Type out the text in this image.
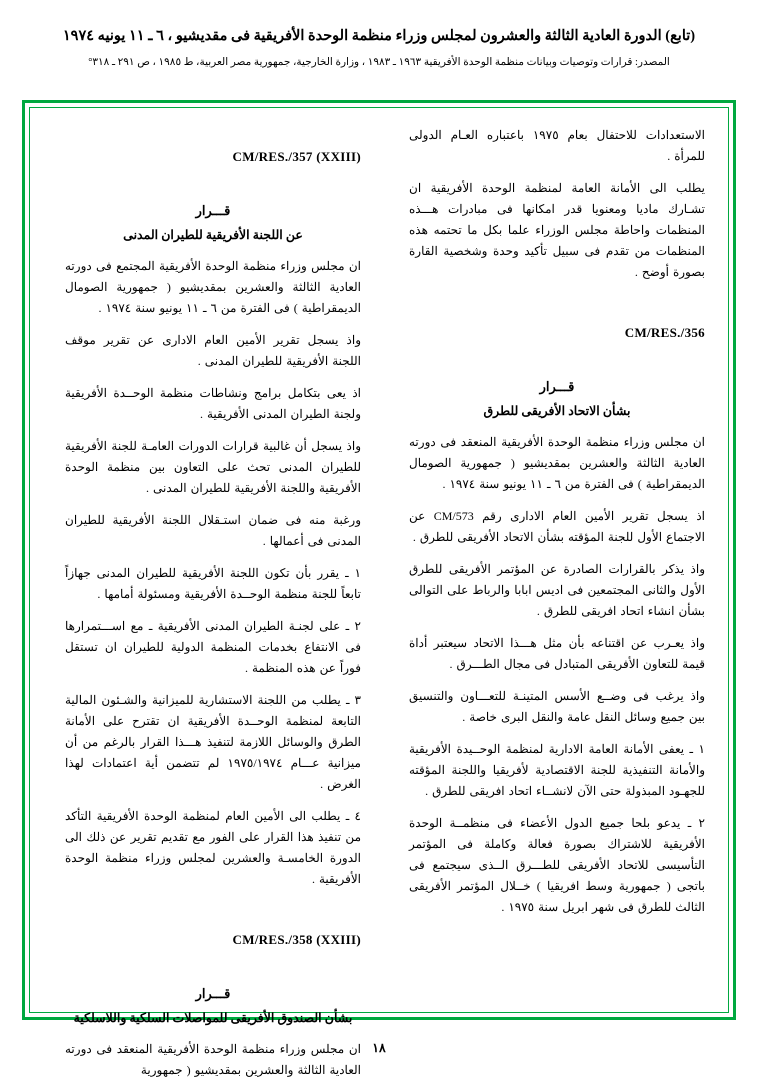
(تابع) الدورة العادية الثالثة والعشرون لمجلس وزراء منظمة الوحدة الأفريقية فى مقديشيو ، ٦ ـ ١١ يونيه ١٩٧٤
المصدر: قرارات وتوصيات وبيانات منظمة الوحدة الأفريقية ١٩٦٣ ـ ١٩٨٣ ، وزارة الخارجية، جمهورية مصر العربية، ط ١٩٨٥ ، ص ٢٩١ ـ ٣١٨°

الاستعدادات للاحتفال بعام ١٩٧٥ باعتباره العـام الدولى للمرأة .

يطلب الى الأمانة العامة لمنظمة الوحدة الأفريقية ان تشـارك ماديا ومعنويا قدر امكانها فى مبادرات هـــذه المنظمات واحاطة مجلس الوزراء علما بكل ما تحتمه هذه المنظمات من تقدم فى سبيل تأكيد وحدة وشخصية القارة بصورة أوضح .

CM/RES./356
قـــرار
بشأن الاتحاد الأفريقى للطرق

ان مجلس وزراء منظمة الوحدة الأفريقية المنعقد فى دورته العادية الثالثة والعشرين بمقديشيو ( جمهورية الصومال الديمقراطية ) فى الفترة من ٦ ـ ١١ يونيو سنة ١٩٧٤ .

اذ يسجل تقرير الأمين العام الادارى رقم CM/573 عن الاجتماع الأول للجنة المؤقته بشأن الاتحاد الأفريقى للطرق .

واذ يذكر بالقرارات الصادرة عن المؤتمر الأفريقى للطرق الأول والثانى المجتمعين فى اديس ابابا والرباط على التوالى بشأن انشاء اتحاد افريقى للطرق .

واذ يعـرب عن اقتناعه بأن مثل هـــذا الاتحاد سيعتبر أداة قيمة للتعاون الأفريقى المتبادل فى مجال الطـــرق .

واذ يرغب فى وضــع الأسس المتينـة للتعـــاون والتنسيق بين جميع وسائل النقل عامة والنقل البرى خاصة .

١ ـ يعفى الأمانة العامة الادارية لمنظمة الوحــيدة الأفريقية والأمانة التنفيذية للجنة الاقتصادية لأفريقيا واللجنة المؤقته للجهـود المبذولة حتى الآن لانشــاء اتحاد افريقى للطرق .

٢ ـ يدعو بلحا جميع الدول الأعضاء فى منظمــة الوحدة الأفريقية للاشتراك بصورة فعالة وكاملة فى المؤتمر التأسيسى للاتحاد الأفريقى للطـــرق الــذى سيجتمع فى باتجى ( جمهورية وسط افريقيا ) خــلال المؤتمر الأفريقى الثالث للطرق فى شهر ابريل سنة ١٩٧٥ .

CM/RES./357 (XXIII)
قـــرار
عن اللجنة الأفريقية للطيران المدنى

ان مجلس وزراء منظمة الوحدة الأفريقية المجتمع فى دورته العادية الثالثة والعشرين بمقديشيو ( جمهورية الصومال الديمقراطية ) فى الفترة من ٦ ـ ١١ يونيو سنة ١٩٧٤ .

واذ يسجل تقرير الأمين العام الادارى عن تقرير موقف اللجنة الأفريقية للطيران المدنى .

اذ يعى بتكامل برامج ونشاطات منظمة الوحــدة الأفريقية ولجنة الطيران المدنى الأفريقية .

واذ يسجل أن غالبية قرارات الدورات العامـة للجنة الأفريقية للطيران المدنى تحث على التعاون بين منظمة الوحدة الأفريقية واللجنة الأفريقية للطيران المدنى .

ورغبة منه فى ضمان استـقلال اللجنة الأفريقية للطيران المدنى فى أعمالها .

١ ـ يقرر بأن تكون اللجنة الأفريقية للطيران المدنى جهازاً تابعاً للجنة منظمة الوحــدة الأفريقية ومسئولة أمامها .

٢ ـ على لجنـة الطيران المدنى الأفريقية ـ مع اســـتمرارها فى الانتفاع بخدمات المنظمة الدولية للطيران ان تستقل فوراً عن هذه المنظمة .

٣ ـ يطلب من اللجنة الاستشارية للميزانية والشـئون المالية التابعة لمنظمة الوحــدة الأفريقية ان تقترح على الأمانة الطرق والوسائل اللازمة لتنفيذ هـــذا القرار بالرغم من أن ميزانية عـــام ١٩٧٥/١٩٧٤ لم تتضمن أية اعتمادات لهذا الغرض .

٤ ـ يطلب الى الأمين العام لمنظمة الوحدة الأفريقية التأكد من تنفيذ هذا القرار على الفور مع تقديم تقرير عن ذلك الى الدورة الخامسـة والعشرين لمجلس وزراء منظمة الوحدة الأفريقية .

CM/RES./358 (XXIII)
قـــرار
بشأن الصندوق الأفريقى للمواصلات السلكية واللاسلكية

ان مجلس وزراء منظمة الوحدة الأفريقية المنعقد فى دورته العادية الثالثة والعشرين بمقديشيو ( جمهورية

١٨
